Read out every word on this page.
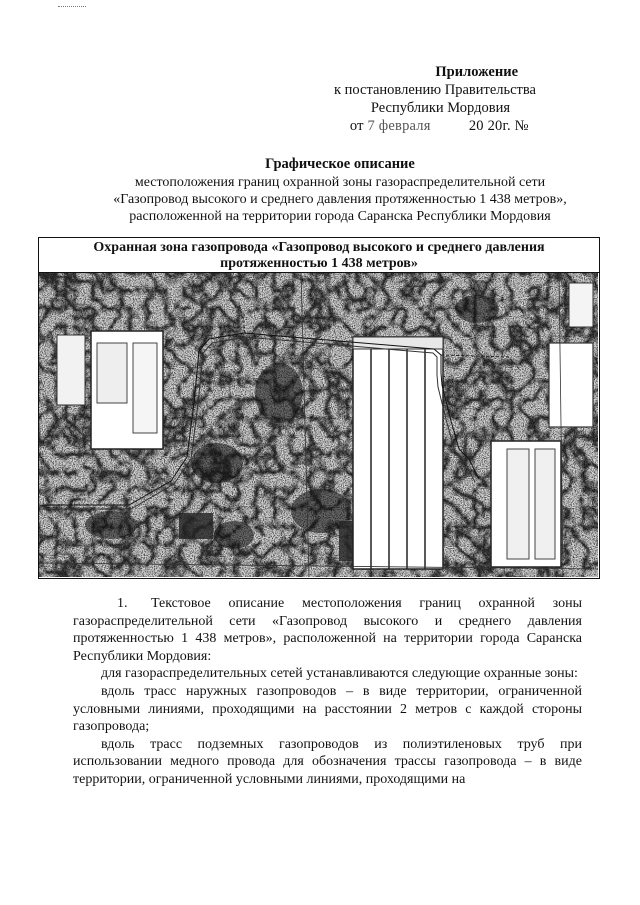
Приложение
к постановлению Правительства
Республики Мордовия
от 7 февраля	20 20г. №
Графическое описание
местоположения границ охранной зоны газораспределительной сети
«Газопровод высокого и среднего давления протяженностью 1 438 метров»,
расположенной на территории города Саранска Республики Мордовия
Охранная зона газопровода «Газопровод высокого и среднего давления протяженностью 1 438 метров»

1. Текстовое описание местоположения границ охранной зоны газораспределительной сети «Газопровод высокого и среднего давления протяженностью 1 438 метров», расположенной на территории города Саранска Республики Мордовия:

для газораспределительных сетей устанавливаются следующие охранные зоны:

вдоль трасс наружных газопроводов – в виде территории, ограниченной условными линиями, проходящими на расстоянии 2 метров с каждой стороны газопровода;

вдоль трасс подземных газопроводов из полиэтиленовых труб при использовании медного провода для обозначения трассы газопровода – в виде территории, ограниченной условными линиями, проходящими на
